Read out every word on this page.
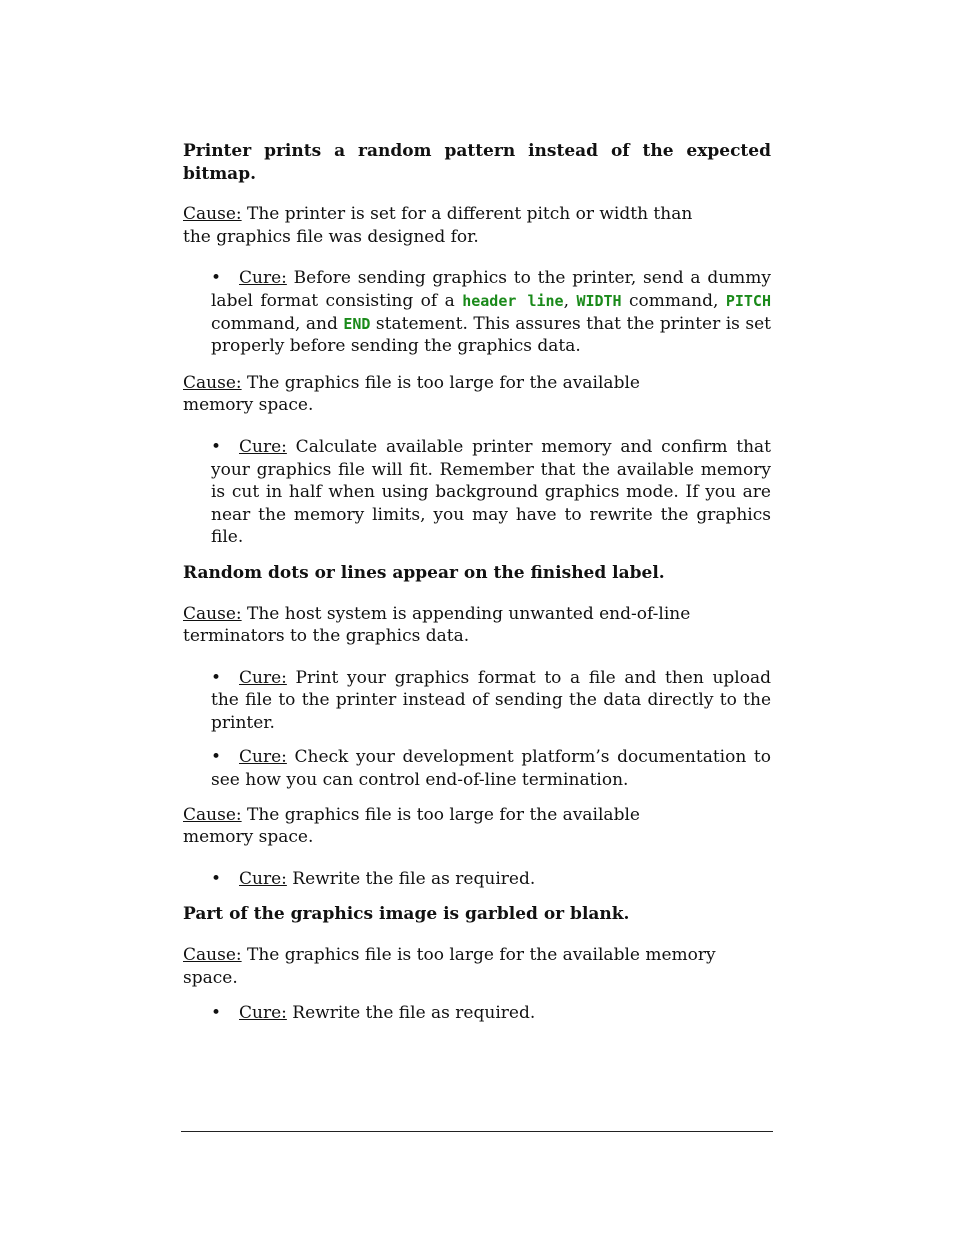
Printer prints a random pattern instead of the expected bitmap.

Cause: The printer is set for a different pitch or width than the graphics file was designed for.

• Cure: Before sending graphics to the printer, send a dummy label format consisting of a header line, WIDTH command, PITCH command, and END statement. This assures that the printer is set properly before sending the graphics data.

Cause: The graphics file is too large for the available memory space.

• Cure: Calculate available printer memory and confirm that your graphics file will fit. Remember that the available memory is cut in half when using background graphics mode. If you are near the memory limits, you may have to rewrite the graphics file.

Random dots or lines appear on the finished label.

Cause: The host system is appending unwanted end-of-line terminators to the graphics data.

• Cure: Print your graphics format to a file and then upload the file to the printer instead of sending the data directly to the printer.

• Cure: Check your development platform’s documentation to see how you can control end-of-line termination.

Cause: The graphics file is too large for the available memory space.

• Cure: Rewrite the file as required.

Part of the graphics image is garbled or blank.

Cause: The graphics file is too large for the available memory space.

• Cure: Rewrite the file as required.
